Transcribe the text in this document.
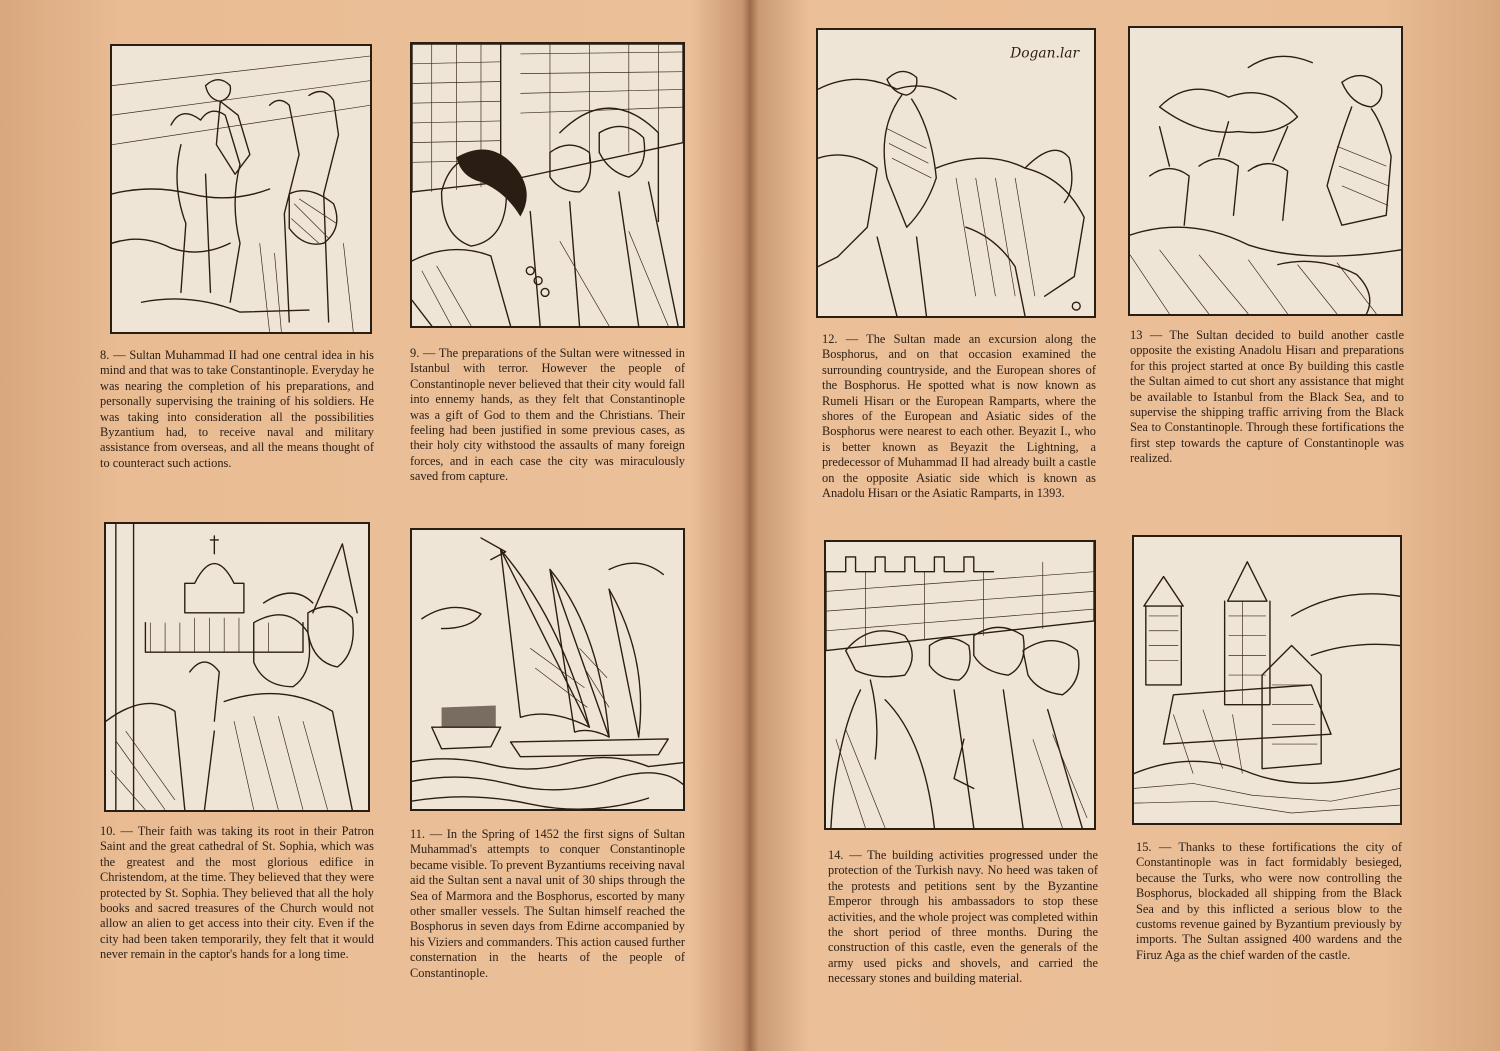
8. — Sultan Muhammad II had one central idea in his mind and that was to take Constantinople. Everyday he was nearing the completion of his preparations, and personally supervising the training of his soldiers. He was taking into consideration all the possibilities Byzantium had, to receive naval and military assistance from overseas, and all the means thought of to counteract such actions.

9. — The preparations of the Sultan were witnessed in Istanbul with terror. However the people of Constantinople never believed that their city would fall into ennemy hands, as they felt that Constantinople was a gift of God to them and the Christians. Their feeling had been justified in some previous cases, as their holy city withstood the assaults of many foreign forces, and in each case the city was miraculously saved from capture.

10. — Their faith was taking its root in their Patron Saint and the great cathedral of St. Sophia, which was the greatest and the most glorious edifice in Christendom, at the time. They believed that they were protected by St. Sophia. They believed that all the holy books and sacred treasures of the Church would not allow an alien to get access into their city. Even if the city had been taken temporarily, they felt that it would never remain in the captor's hands for a long time.

11. — In the Spring of 1452 the first signs of Sultan Muhammad's attempts to conquer Constantinople became visible. To prevent Byzantiums receiving naval aid the Sultan sent a naval unit of 30 ships through the Sea of Marmora and the Bosphorus, escorted by many other smaller vessels. The Sultan himself reached the Bosphorus in seven days from Edirne accompanied by his Viziers and commanders. This action caused further consternation in the hearts of the people of Constantinople.

Dogan.lar

12. — The Sultan made an excursion along the Bosphorus, and on that occasion examined the surrounding countryside, and the European shores of the Bosphorus. He spotted what is now known as Rumeli Hisarı or the European Ramparts, where the shores of the European and Asiatic sides of the Bosphorus were nearest to each other. Beyazit I., who is better known as Beyazit the Lightning, a predecessor of Muhammad II had already built a castle on the opposite Asiatic side which is known as Anadolu Hisarı or the Asiatic Ramparts, in 1393.

13 — The Sultan decided to build another castle opposite the existing Anadolu Hisarı and preparations for this project started at once By building this castle the Sultan aimed to cut short any assistance that might be available to Istanbul from the Black Sea, and to supervise the shipping traffic arriving from the Black Sea to Constantinople. Through these fortifications the first step towards the capture of Constantinople was realized.

14. — The building activities progressed under the protection of the Turkish navy. No heed was taken of the protests and petitions sent by the Byzantine Emperor through his ambassadors to stop these activities, and the whole project was completed within the short period of three months. During the construction of this castle, even the generals of the army used picks and shovels, and carried the necessary stones and building material.

15. — Thanks to these fortifications the city of Constantinople was in fact formidably besieged, because the Turks, who were now controlling the Bosphorus, blockaded all shipping from the Black Sea and by this inflicted a serious blow to the customs revenue gained by Byzantium previously by imports. The Sultan assigned 400 wardens and the Firuz Aga as the chief warden of the castle.
